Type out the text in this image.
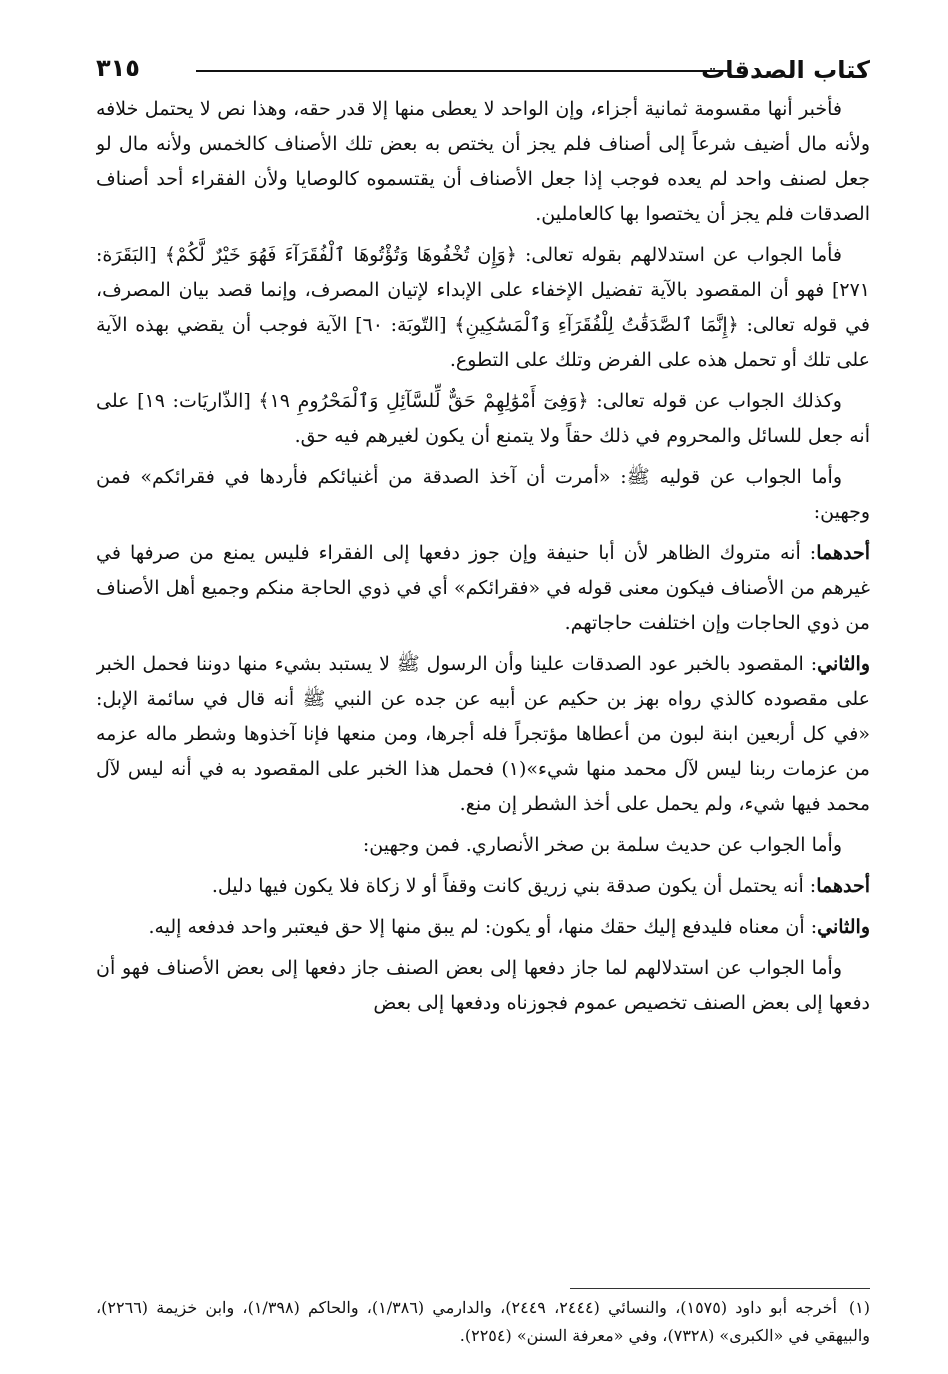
كتاب الصدقات
٣١٥

فأخبر أنها مقسومة ثمانية أجزاء، وإن الواحد لا يعطى منها إلا قدر حقه، وهذا نص لا يحتمل خلافه ولأنه مال أضيف شرعاً إلى أصناف فلم يجز أن يختص به بعض تلك الأصناف كالخمس ولأنه مال لو جعل لصنف واحد لم يعده فوجب إذا جعل الأصناف أن يقتسموه كالوصايا ولأن الفقراء أحد أصناف الصدقات فلم يجز أن يختصوا بها كالعاملين.

فأما الجواب عن استدلالهم بقوله تعالى: ﴿وَإِن تُخْفُوهَا وَتُؤْتُوهَا ٱلْفُقَرَآءَ فَهُوَ خَيْرٌ لَّكُمْ﴾ [البَقَرَة: ٢٧١] فهو أن المقصود بالآية تفضيل الإخفاء على الإبداء لإتيان المصرف، وإنما قصد بيان المصرف، في قوله تعالى: ﴿إِنَّمَا ٱلصَّدَقَٰتُ لِلْفُقَرَآءِ وَٱلْمَسَٰكِينِ﴾ [التّوبَة: ٦٠] الآية فوجب أن يقضي بهذه الآية على تلك أو تحمل هذه على الفرض وتلك على التطوع.

وكذلك الجواب عن قوله تعالى: ﴿وَفِىٓ أَمْوَٰلِهِمْ حَقٌّ لِّلسَّآئِلِ وَٱلْمَحْرُومِ ١٩﴾ [الذّاريَات: ١٩] على أنه جعل للسائل والمحروم في ذلك حقاً ولا يتمنع أن يكون لغيرهم فيه حق.

وأما الجواب عن قوليه ﷺ: «أمرت أن آخذ الصدقة من أغنيائكم فأردها في فقرائكم» فمن وجهين:

أحدهما: أنه متروك الظاهر لأن أبا حنيفة وإن جوز دفعها إلى الفقراء فليس يمنع من صرفها في غيرهم من الأصناف فيكون معنى قوله في «فقرائكم» أي في ذوي الحاجة منكم وجميع أهل الأصناف من ذوي الحاجات وإن اختلفت حاجاتهم.

والثاني: المقصود بالخبر عود الصدقات علينا وأن الرسول ﷺ لا يستبد بشيء منها دوننا فحمل الخبر على مقصوده كالذي رواه بهز بن حكيم عن أبيه عن جده عن النبي ﷺ أنه قال في سائمة الإبل: «في كل أربعين ابنة لبون من أعطاها مؤتجراً فله أجرها، ومن منعها فإنا آخذوها وشطر ماله عزمه من عزمات ربنا ليس لآل محمد منها شيء»(١) فحمل هذا الخبر على المقصود به في أنه ليس لآل محمد فيها شيء، ولم يحمل على أخذ الشطر إن منع.

وأما الجواب عن حديث سلمة بن صخر الأنصاري. فمن وجهين:

أحدهما: أنه يحتمل أن يكون صدقة بني زريق كانت وقفاً أو لا زكاة فلا يكون فيها دليل.

والثاني: أن معناه فليدفع إليك حقك منها، أو يكون: لم يبق منها إلا حق فيعتبر واحد فدفعه إليه.

وأما الجواب عن استدلالهم لما جاز دفعها إلى بعض الصنف جاز دفعها إلى بعض الأصناف فهو أن دفعها إلى بعض الصنف تخصيص عموم فجوزناه ودفعها إلى بعض

(١)أخرجه أبو داود (١٥٧٥)، والنسائي (٢٤٤٤، ٢٤٤٩)، والدارمي (١/٣٨٦)، والحاكم (١/٣٩٨)، وابن خزيمة (٢٢٦٦)، والبيهقي في «الكبرى» (٧٣٢٨)، وفي «معرفة السنن» (٢٢٥٤).
